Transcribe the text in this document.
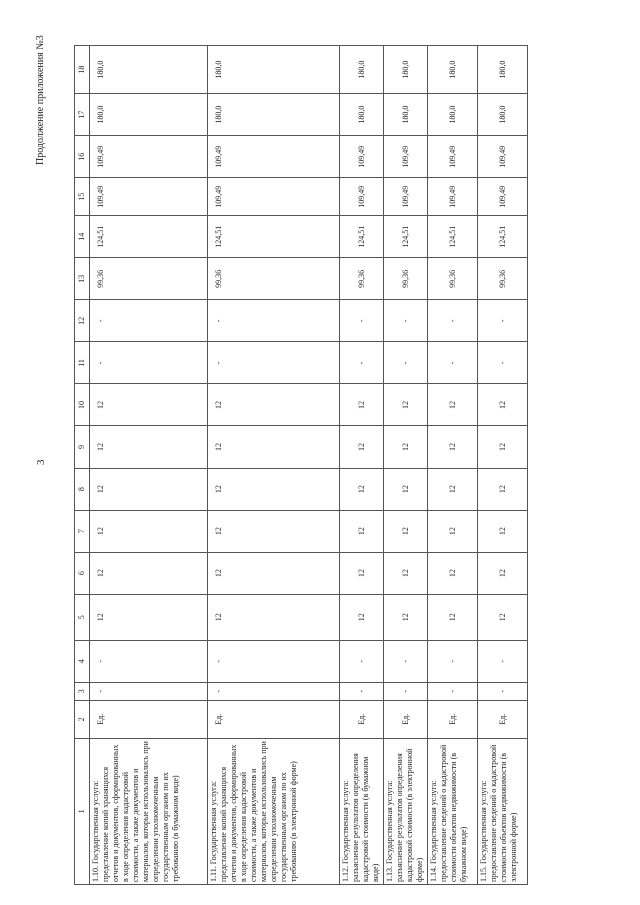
3
Продолжение приложения №3
1	2	3	4	5	6	7	8	9	10	11	12	13	14	15	16	17	18
1.10. Государственная услуга: представление копий хранящихся отчетов и документов, сформированных в ходе определения кадастровой стоимости, а также документов и материалов, которые использовались при определении уполномоченным государственным органом по их требованию (в бумажном виде)	Ед.	-	-	12	12	12	12	12	12	-	-	99,36	124,51	109,49	109,49	180,0	180,0
1.11. Государственная услуга: представление копий хранящихся отчетов и документов, сформированных в ходе определения кадастровой стоимости, а также документов и материалов, которые использовались при определении уполномоченным государственным органом по их требованию (в электронной форме)	Ед.	-	-	12	12	12	12	12	12	-	-	99,36	124,51	109,49	109,49	180,0	180,0
1.12. Государственная услуга: разъяснение результатов определения кадастровой стоимости (в бумажном виде)	Ед.	-	-	12	12	12	12	12	12	-	-	99,36	124,51	109,49	109,49	180,0	180,0
1.13. Государственная услуга: разъяснение результатов определения кадастровой стоимости (в электронной форме)	Ед.	-	-	12	12	12	12	12	12	-	-	99,36	124,51	109,49	109,49	180,0	180,0
1.14. Государственная услуга: предоставление сведений о кадастровой стоимости объектов недвижимости (в бумажном виде)	Ед.	-	-	12	12	12	12	12	12	-	-	99,36	124,51	109,49	109,49	180,0	180,0
1.15. Государственная услуга: предоставление сведений о кадастровой стоимости объектов недвижимости (в электронной форме)	Ед.	-	-	12	12	12	12	12	12	-	-	99,36	124,51	109,49	109,49	180,0	180,0
